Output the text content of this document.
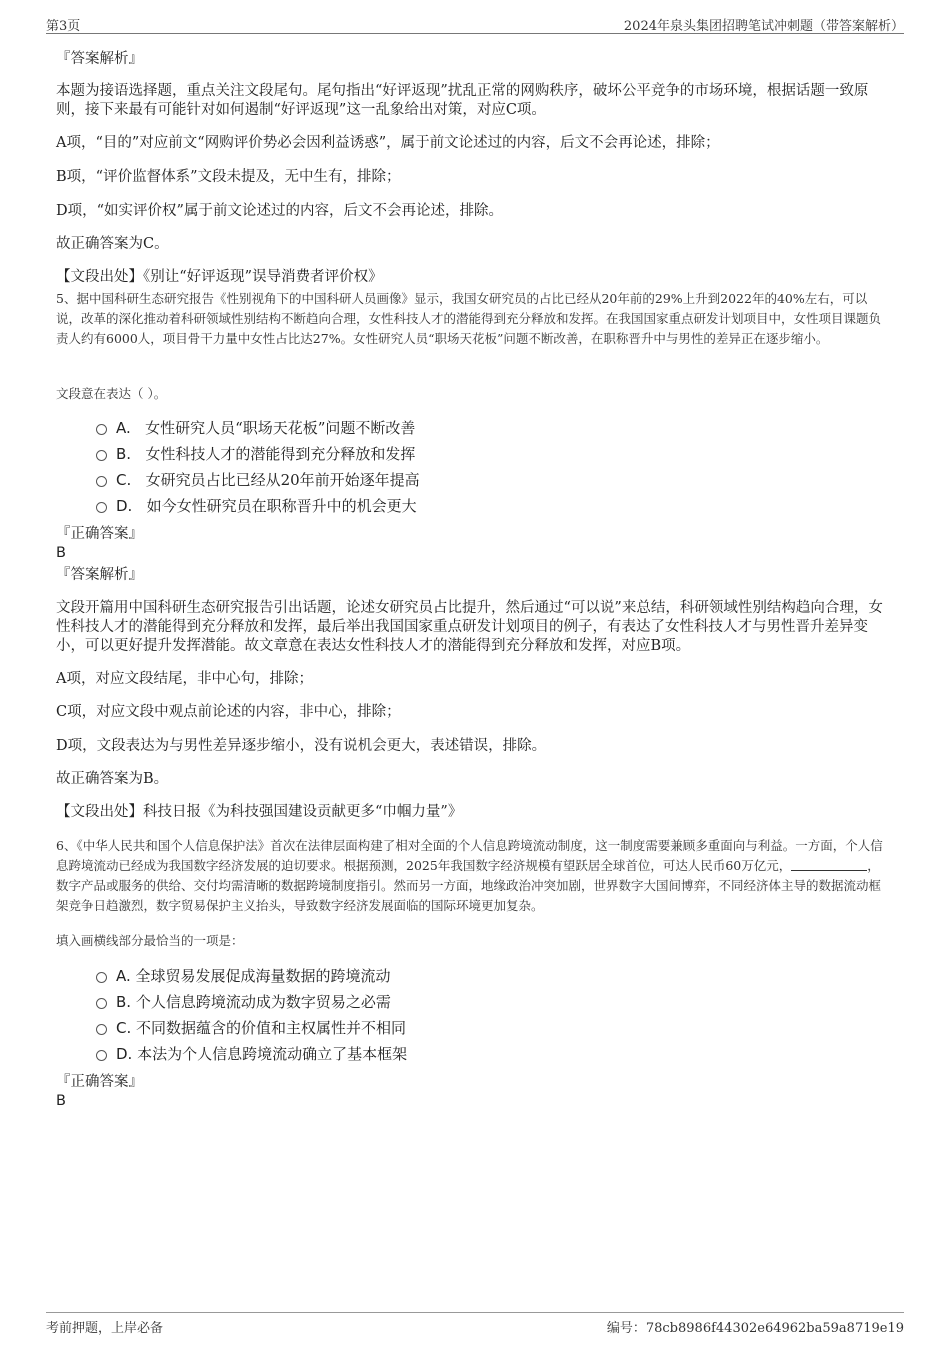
第3页	2024年泉头集团招聘笔试冲刺题（带答案解析）
『答案解析』
本题为接语选择题，重点关注文段尾句。尾句指出“好评返现”扰乱正常的网购秩序，破坏公平竞争的市场环境，根据话题一致原则，接下来最有可能针对如何遏制“好评返现”这一乱象给出对策，对应C项。
A项，“目的”对应前文“网购评价势必会因利益诱惑”，属于前文论述过的内容，后文不会再论述，排除；
B项，“评价监督体系”文段未提及，无中生有，排除；
D项，“如实评价权”属于前文论述过的内容，后文不会再论述，排除。
故正确答案为C。
【文段出处】《别让“好评返现”误导消费者评价权》
5、据中国科研生态研究报告《性别视角下的中国科研人员画像》显示，我国女研究员的占比已经从20年前的29%上升到2022年的40%左右，可以说，改革的深化推动着科研领域性别结构不断趋向合理，女性科技人才的潜能得到充分释放和发挥。在我国国家重点研发计划项目中，女性项目课题负责人约有6000人，项目骨干力量中女性占比达27%。女性研究人员“职场天花板”问题不断改善，在职称晋升中与男性的差异正在逐步缩小。
文段意在表达（ ）。
A. 女性研究人员“职场天花板”问题不断改善
B. 女性科技人才的潜能得到充分释放和发挥
C. 女研究员占比已经从20年前开始逐年提高
D. 如今女性研究员在职称晋升中的机会更大
『正确答案』
B
『答案解析』
文段开篇用中国科研生态研究报告引出话题，论述女研究员占比提升，然后通过“可以说”来总结，科研领域性别结构趋向合理，女性科技人才的潜能得到充分释放和发挥，最后举出我国国家重点研发计划项目的例子，有表达了女性科技人才与男性晋升差异变小，可以更好提升发挥潜能。故文章意在表达女性科技人才的潜能得到充分释放和发挥，对应B项。
A项，对应文段结尾，非中心句，排除；
C项，对应文段中观点前论述的内容，非中心，排除；
D项，文段表达为与男性差异逐步缩小，没有说机会更大，表述错误，排除。
故正确答案为B。
【文段出处】科技日报《为科技强国建设贡献更多“巾帼力量”》
6、《中华人民共和国个人信息保护法》首次在法律层面构建了相对全面的个人信息跨境流动制度，这一制度需要兼顾多重面向与利益。一方面，个人信息跨境流动已经成为我国数字经济发展的迫切要求。根据预测，2025年我国数字经济规模有望跃居全球首位，可达人民币60万亿元，	，数字产品或服务的供给、交付均需清晰的数据跨境制度指引。然而另一方面，地缘政治冲突加剧，世界数字大国间博弈，不同经济体主导的数据流动框架竞争日趋激烈，数字贸易保护主义抬头，导致数字经济发展面临的国际环境更加复杂。
填入画横线部分最恰当的一项是：
A. 全球贸易发展促成海量数据的跨境流动
B. 个人信息跨境流动成为数字贸易之必需
C. 不同数据蕴含的价值和主权属性并不相同
D. 本法为个人信息跨境流动确立了基本框架
『正确答案』
B
考前押题，上岸必备	编号：78cb8986f44302e64962ba59a8719e19
